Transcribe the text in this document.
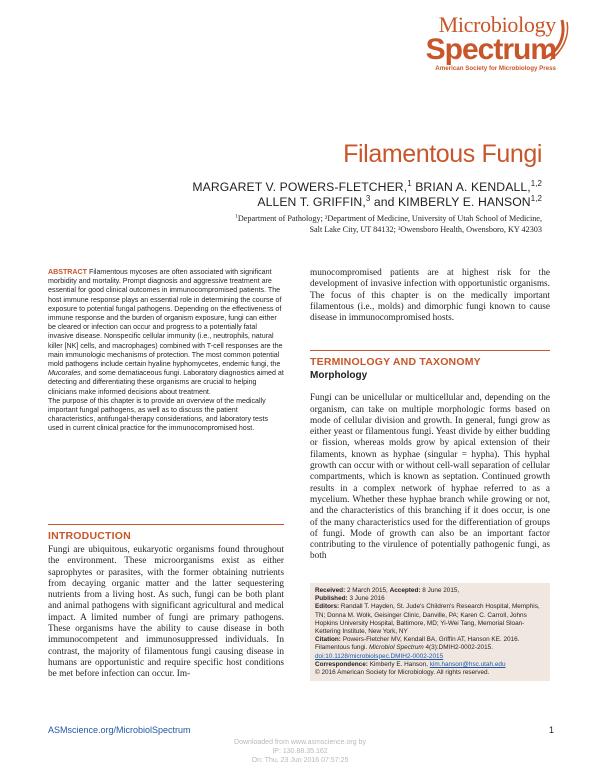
Microbiology
Spectrum
American Society for Microbiology Press
Filamentous Fungi
MARGARET V. POWERS-FLETCHER,$^1$ BRIAN A. KENDALL,$^{1,2}$
ALLEN T. GRIFFIN,$^3$ and KIMBERLY E. HANSON$^{1,2}$
$^1$Department of Pathology; ²Department of Medicine, University of Utah School of Medicine,
Salt Lake City, UT 84132; ³Owensboro Health, Owensboro, KY 42303

ABSTRACT Filamentous mycoses are often associated with significant morbidity and mortality. Prompt diagnosis and aggressive treatment are essential for good clinical outcomes in immunocompromised patients. The host immune response plays an essential role in determining the course of exposure to potential fungal pathogens. Depending on the effectiveness of immune response and the burden of organism exposure, fungi can either be cleared or infection can occur and progress to a potentially fatal invasive disease. Nonspecific cellular immunity (i.e., neutrophils, natural killer [NK] cells, and macrophages) combined with T-cell responses are the main immunologic mechanisms of protection. The most common potential mold pathogens include certain hyaline hyphomycetes, endemic fungi, the Mucorales, and some dematiaceous fungi. Laboratory diagnostics aimed at detecting and differentiating these organisms are crucial to helping clinicians make informed decisions about treatment.

The purpose of this chapter is to provide an overview of the medically important fungal pathogens, as well as to discuss the patient characteristics, antifungal-therapy considerations, and laboratory tests used in current clinical practice for the immunocompromised host.

INTRODUCTION

Fungi are ubiquitous, eukaryotic organisms found throughout the environment. These microorganisms exist as either saprophytes or parasites, with the former obtaining nutrients from decaying organic matter and the latter sequestering nutrients from a living host. As such, fungi can be both plant and animal pathogens with significant agricultural and medical impact. A limited number of fungi are primary pathogens. These organisms have the ability to cause disease in both immunocompetent and immunosuppressed individuals. In contrast, the majority of filamentous fungi causing disease in humans are opportunistic and require specific host conditions be met before infection can occur. Im-

munocompromised patients are at highest risk for the development of invasive infection with opportunistic organisms. The focus of this chapter is on the medically important filamentous (i.e., molds) and dimorphic fungi known to cause disease in immunocompromised hosts.

TERMINOLOGY AND TAXONOMY
Morphology

Fungi can be unicellular or multicellular and, depending on the organism, can take on multiple morphologic forms based on mode of cellular division and growth. In general, fungi grow as either yeast or filamentous fungi. Yeast divide by either budding or fission, whereas molds grow by apical extension of their filaments, known as hyphae (singular = hypha). This hyphal growth can occur with or without cell-wall separation of cellular compartments, which is known as septation. Continued growth results in a complex network of hyphae referred to as a mycelium. Whether these hyphae branch while growing or not, and the characteristics of this branching if it does occur, is one of the many characteristics used for the differentiation of groups of fungi. Mode of growth can also be an important factor contributing to the virulence of potentially pathogenic fungi, as both

Received: 2 March 2015, Accepted: 8 June 2015,

Published: 3 June 2016

Editors: Randall T. Hayden, St. Jude's Children's Research Hospital, Memphis, TN; Donna M. Wolk, Geisinger Clinic, Danville, PA; Karen C. Carroll, Johns Hopkins University Hospital, Baltimore, MD; Yi-Wei Tang, Memorial Sloan-Kettering Institute, New York, NY

Citation: Powers-Fletcher MV, Kendall BA, Griffin AT, Hanson KE. 2016. Filamentous fungi. Microbiol Spectrum 4(3):DMIH2-0002-2015. doi:10.1128/microbiolspec.DMIH2-0002-2015

Correspondence: Kimberly E. Hanson, kim.hanson@hsc.utah.edu

© 2016 American Society for Microbiology. All rights reserved.

ASMscience.org/MicrobiolSpectrum	1
Downloaded from www.asmscience.org by
IP: 130.88.35.162
On: Thu, 23 Jun 2016 07:57:25
